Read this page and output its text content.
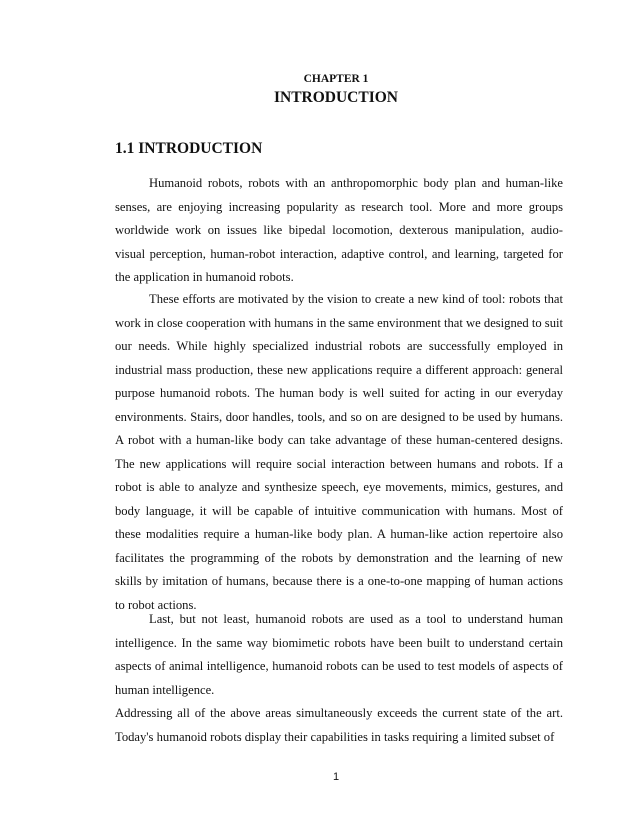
CHAPTER 1
INTRODUCTION
1.1 INTRODUCTION

Humanoid robots, robots with an anthropomorphic body plan and human-like senses, are enjoying increasing popularity as research tool. More and more groups worldwide work on issues like bipedal locomotion, dexterous manipulation, audio-visual perception, human-robot interaction, adaptive control, and learning, targeted for the application in humanoid robots.

These efforts are motivated by the vision to create a new kind of tool: robots that work in close cooperation with humans in the same environment that we designed to suit our needs. While highly specialized industrial robots are successfully employed in industrial mass production, these new applications require a different approach: general purpose humanoid robots. The human body is well suited for acting in our everyday environments. Stairs, door handles, tools, and so on are designed to be used by humans. A robot with a human-like body can take advantage of these human-centered designs. The new applications will require social interaction between humans and robots. If a robot is able to analyze and synthesize speech, eye movements, mimics, gestures, and body language, it will be capable of intuitive communication with humans. Most of these modalities require a human-like body plan. A human-like action repertoire also facilitates the programming of the robots by demonstration and the learning of new skills by imitation of humans, because there is a one-to-one mapping of human actions to robot actions.

Last, but not least, humanoid robots are used as a tool to understand human intelligence. In the same way biomimetic robots have been built to understand certain aspects of animal intelligence, humanoid robots can be used to test models of aspects of human intelligence.

Addressing all of the above areas simultaneously exceeds the current state of the art. Today's humanoid robots display their capabilities in tasks requiring a limited subset of

1
